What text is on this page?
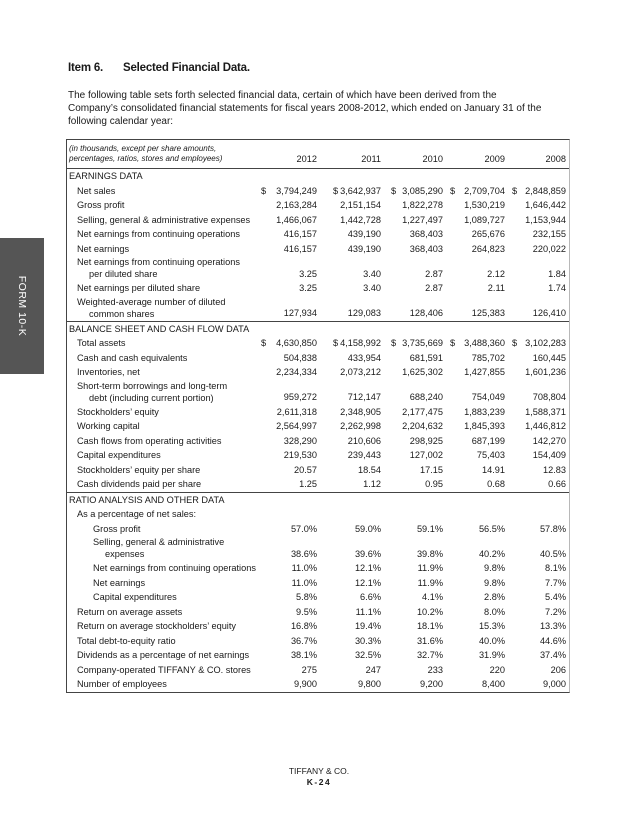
FORM 10-K
Item 6. Selected Financial Data.
The following table sets forth selected financial data, certain of which have been derived from the
Company’s consolidated financial statements for fiscal years 2008-2012, which ended on January 31 of the
following calendar year:
(in thousands, except per share amounts,
percentages, ratios, stores and employees)	2012	2011	2010	2009	2008
EARNINGS DATA
Net sales	$	3,794,249 $ 3,642,937 $ 3,085,290 $ 2,709,704 $ 2,848,859
Gross profit	2,163,284	2,151,154	1,822,278	1,530,219	1,646,442
Selling, general & administrative expenses	1,466,067	1,442,728	1,227,497	1,089,727	1,153,944
Net earnings from continuing operations	416,157	439,190	368,403	265,676	232,155
Net earnings	416,157	439,190	368,403	264,823	220,022
Net earnings from continuing operations
per diluted share	3.25	3.40	2.87	2.12	1.84
Net earnings per diluted share	3.25	3.40	2.87	2.11	1.74
Weighted-average number of diluted
common shares	127,934	129,083	128,406	125,383	126,410
BALANCE SHEET AND CASH FLOW DATA
Total assets	$	4,630,850 $ 4,158,992 $ 3,735,669 $ 3,488,360 $ 3,102,283
Cash and cash equivalents	504,838	433,954	681,591	785,702	160,445
Inventories, net	2,234,334	2,073,212	1,625,302	1,427,855	1,601,236
Short-term borrowings and long-term
debt (including current portion)	959,272	712,147	688,240	754,049	708,804
Stockholders’ equity	2,611,318	2,348,905	2,177,475	1,883,239	1,588,371
Working capital	2,564,997	2,262,998	2,204,632	1,845,393	1,446,812
Cash flows from operating activities	328,290	210,606	298,925	687,199	142,270
Capital expenditures	219,530	239,443	127,002	75,403	154,409
Stockholders’ equity per share	20.57	18.54	17.15	14.91	12.83
Cash dividends paid per share	1.25	1.12	0.95	0.68	0.66
RATIO ANALYSIS AND OTHER DATA
As a percentage of net sales:
Gross profit	57.0%	59.0%	59.1%	56.5%	57.8%
Selling, general & administrative
expenses	38.6%	39.6%	39.8%	40.2%	40.5%
Net earnings from continuing operations	11.0%	12.1%	11.9%	9.8%	8.1%
Net earnings	11.0%	12.1%	11.9%	9.8%	7.7%
Capital expenditures	5.8%	6.6%	4.1%	2.8%	5.4%
Return on average assets	9.5%	11.1%	10.2%	8.0%	7.2%
Return on average stockholders’ equity	16.8%	19.4%	18.1%	15.3%	13.3%
Total debt-to-equity ratio	36.7%	30.3%	31.6%	40.0%	44.6%
Dividends as a percentage of net earnings	38.1%	32.5%	32.7%	31.9%	37.4%
Company-operated TIFFANY & CO. stores	275	247	233	220	206
Number of employees	9,900	9,800	9,200	8,400	9,000
TIFFANY & CO.
K-24
